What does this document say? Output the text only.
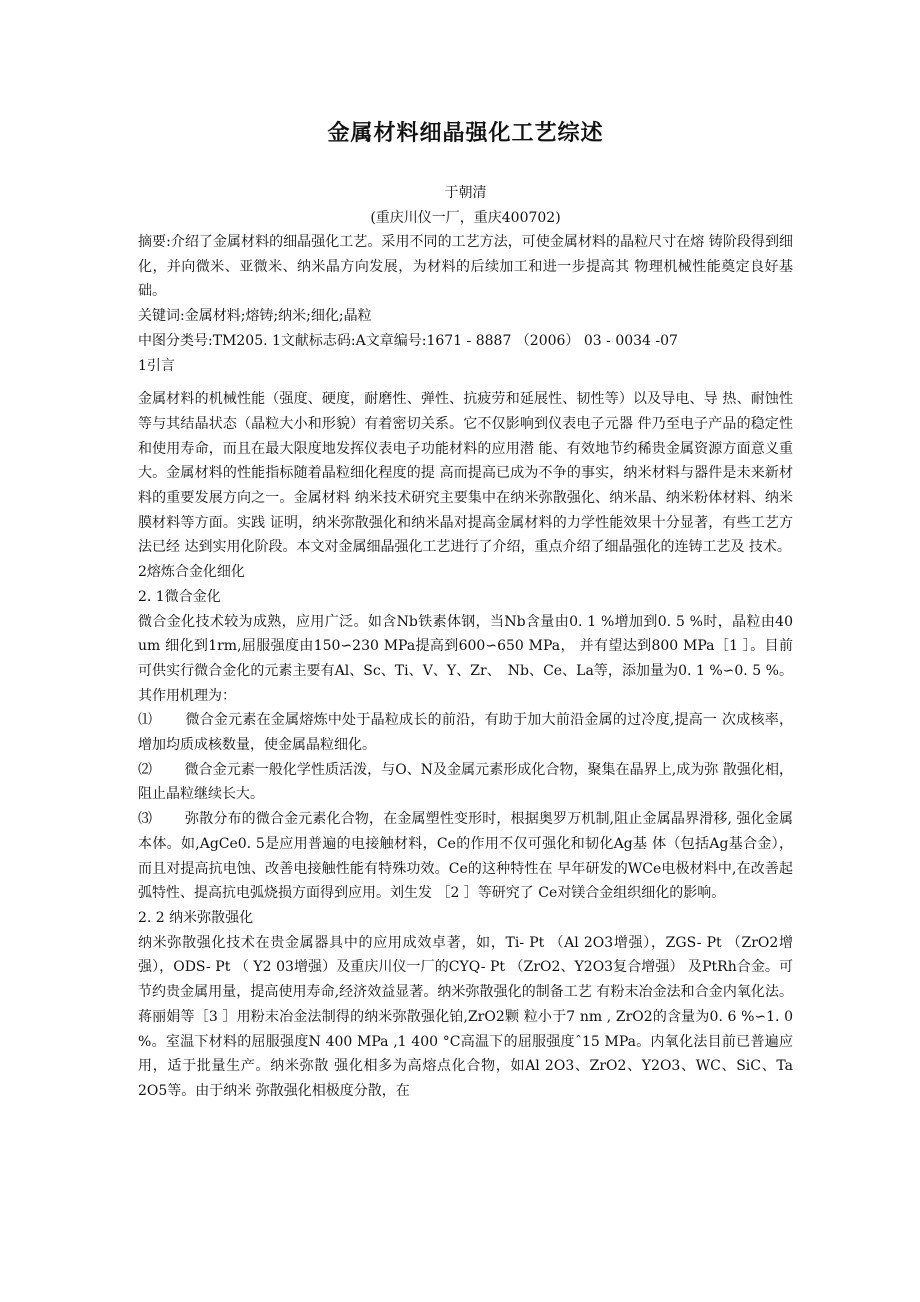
金属材料细晶强化工艺综述
于朝清
(重庆川仪一厂，重庆400702)

摘要:介绍了金属材料的细晶强化工艺。采用不同的工艺方法，可使金属材料的晶粒尺寸在熔 铸阶段得到细化，并向微米、亚微米、纳米晶方向发展，为材料的后续加工和进一步提高其 物理机械性能奠定良好基础。

关键词:金属材料;熔铸;纳米;细化;晶粒

中图分类号:TM205. 1文献标志码:A文章编号:1671 - 8887 （2006） 03 - 0034 -07

1引言

金属材料的机械性能（强度、硬度，耐磨性、弹性、抗疲劳和延展性、韧性等）以及导电、导 热、耐蚀性等与其结晶状态（晶粒大小和形貌）有着密切关系。它不仅影响到仪表电子元器 件乃至电子产品的稳定性和使用寿命，而且在最大限度地发挥仪表电子功能材料的应用潜 能、有效地节约稀贵金属资源方面意义重大。金属材料的性能指标随着晶粒细化程度的提 高而提高已成为不争的事实，纳米材料与器件是未来新材料的重要发展方向之一。金属材料 纳米技术研究主要集中在纳米弥散强化、纳米晶、纳米粉体材料、纳米膜材料等方面。实践 证明，纳米弥散强化和纳米晶对提高金属材料的力学性能效果十分显著，有些工艺方法已经 达到实用化阶段。本文对金属细晶强化工艺进行了介绍，重点介绍了细晶强化的连铸工艺及 技术。

2熔炼合金化细化

2. 1微合金化

微合金化技术较为成熟，应用广泛。如含Nb铁素体钢，当Nb含量由0. 1 %增加到0. 5 %时，晶粒由40 um 细化到1rm,屈服强度由150∽230 MPa提高到600∽650 MPa， 并有望达到800 MPa［1 ］。目前可供实行微合金化的元素主要有Al、Sc、Ti、V、Y、Zr、　Nb、Ce、La等，添加量为0. 1 %∽0. 5 %。其作用机理为：

⑴　　 微合金元素在金属熔炼中处于晶粒成长的前沿，有助于加大前沿金属的过冷度,提高一 次成核率，增加均质成核数量，使金属晶粒细化。

⑵　　 微合金元素一般化学性质活泼，与O、N及金属元素形成化合物，聚集在晶界上,成为弥 散强化相，阻止晶粒继续长大。

⑶　　 弥散分布的微合金元素化合物，在金属塑性变形时，根据奥罗万机制,阻止金属晶界滑移, 强化金属本体。如,AgCe0. 5是应用普遍的电接触材料，Ce的作用不仅可强化和韧化Ag基 体（包括Ag基合金），而且对提高抗电蚀、改善电接触性能有特殊功效。Ce的这种特性在 早年研发的WCe电极材料中,在改善起弧特性、提高抗电弧烧损方面得到应用。刘生发 ［2 ］等研究了 Ce对镁合金组织细化的影响。

2. 2 纳米弥散强化

纳米弥散强化技术在贵金属器具中的应用成效卓著，如，Ti- Pt （Al 2O3增强），ZGS- Pt （ZrO2增强），ODS- Pt （ Y2 03增强）及重庆川仪一厂的CYQ- Pt （ZrO2、Y2O3复合增强） 及PtRh合金。可节约贵金属用量，提高使用寿命,经济效益显著。纳米弥散强化的制备工艺 有粉末冶金法和合金内氧化法。蒋丽娟等［3 ］用粉末冶金法制得的纳米弥散强化铂,ZrO2颗 粒小于7 nm , ZrO2的含量为0. 6 %∽1. 0 %。室温下材料的屈服强度N 400 MPa ,1 400 °C高温下的屈服强度ˆ15 MPa。内氧化法目前已普遍应用，适于批量生产。纳米弥散 强化相多为高熔点化合物，如Al 2O3、ZrO2、Y2O3、WC、SiC、Ta 2O5等。由于纳米 弥散强化相极度分散，在
